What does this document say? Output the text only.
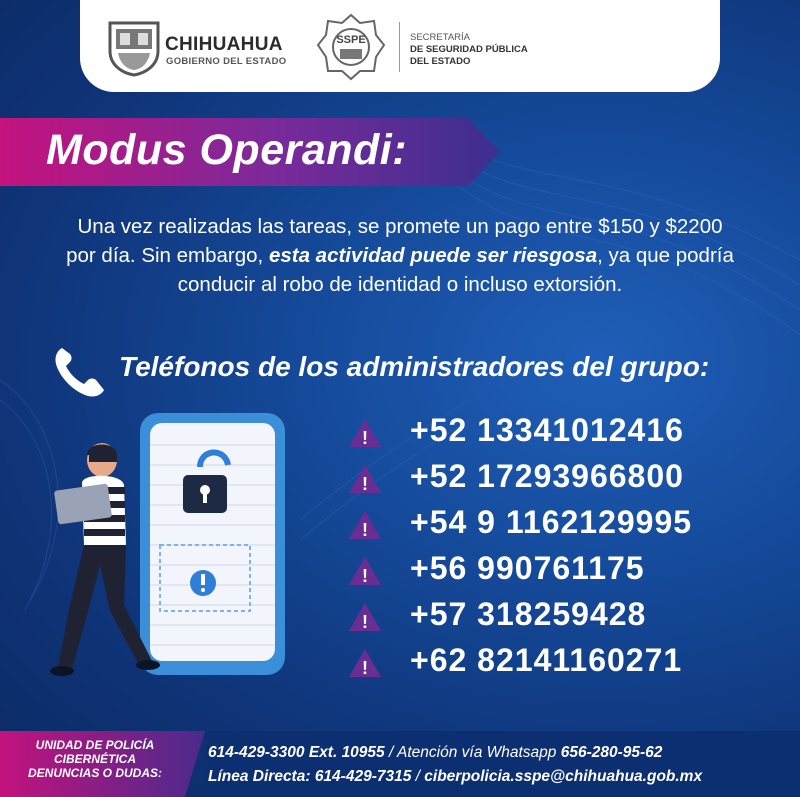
CHIHUAHUA
GOBIERNO DEL ESTADO
SSPE	SECRETARÍA
DE SEGURIDAD PÚBLICA
DEL ESTADO
Modus Operandi:
Una vez realizadas las tareas, se promete un pago entre $150 y $2200 por día. Sin embargo, esta actividad puede ser riesgosa, ya que podría conducir al robo de identidad o incluso extorsión.
Teléfonos de los administradores del grupo:
! +52 13341012416
! +52 17293966800
! +54 9 1162129995
! +56 990761175
! +57 318259428
! +62 82141160271
UNIDAD DE POLICÍA
CIBERNÉTICA
DENUNCIAS O DUDAS:
614-429-3300 Ext. 10955 / Atención vía Whatsapp 656-280-95-62
Línea Directa: 614-429-7315 / ciberpolicia.sspe@chihuahua.gob.mx
